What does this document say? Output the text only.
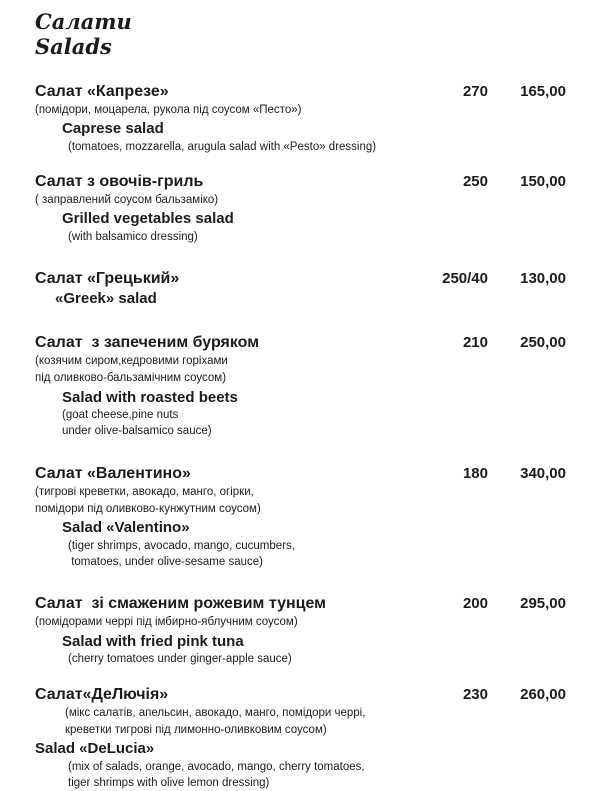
Салати
Salads
Салат «Капрезе»	270	165,00
(помідори, моцарела, рукола під соусом «Песто»)
Caprese salad
(tomatoes, mozzarella, arugula salad with «Pesto» dressing)
Салат з овочів-гриль	250	150,00
( заправлений соусом бальзаміко)
Grilled vegetables salad
(with balsamico dressing)
Салат «Грецький»	250/40	130,00
«Greek» salad
Салат  з запеченим буряком	210	250,00
(козячим сиром,кедровими горіхами
під оливково-бальзамічним соусом)
Salad with roasted beets
(goat cheese,pine nuts
under olive-balsamico sauce)
Салат «Валентино»	180	340,00
(тигрові креветки, авокадо, манго, огірки,
помідори під оливково-кунжутним соусом)
Salad «Valentino»
(tiger shrimps, avocado, mango, cucumbers,
tomatoes, under olive-sesame sauce)
Салат  зі смаженим рожевим тунцем	200	295,00
(помідорами черрі під імбирно-яблучним соусом)
Salad with fried pink tuna
(cherry tomatoes under ginger-apple sauce)
Салат«ДеЛючія»	230	260,00
(мікс салатів, апельсин, авокадо, манго, помідори черрі,
креветки тигрові під лимонно-оливковим соусом)
Salad «DeLucia»
(mix of salads, orange, avocado, mango, cherry tomatoes,
tiger shrimps with olive lemon dressing)
